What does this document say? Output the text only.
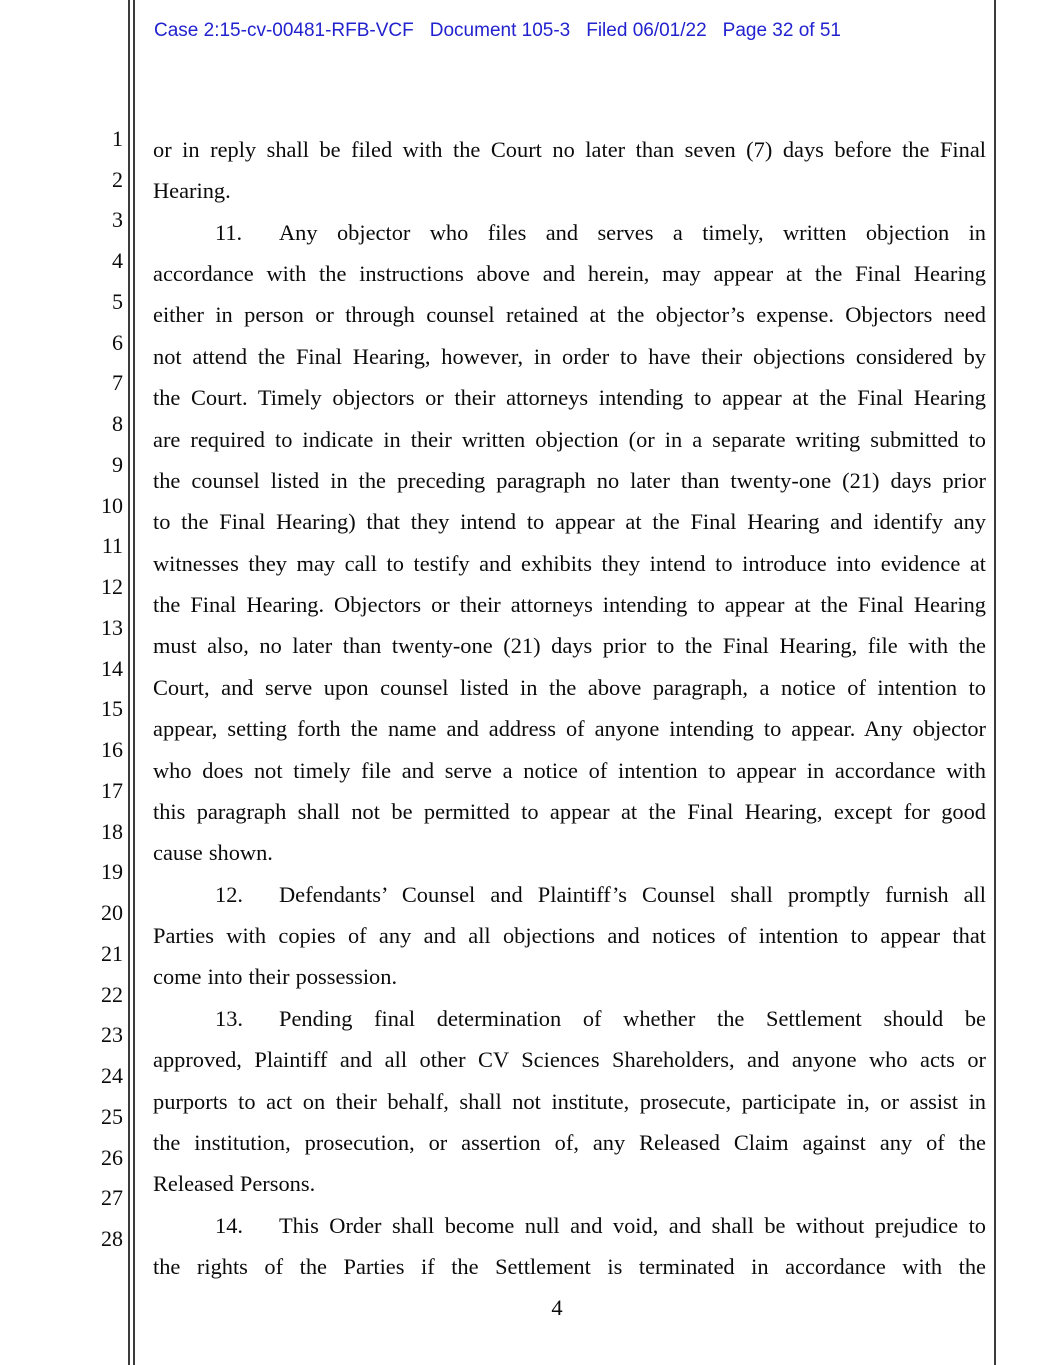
Case 2:15-cv-00481-RFB-VCF Document 105-3 Filed 06/01/22 Page 32 of 51
1
2
3
4
5
6
7
8
9
10
11
12
13
14
15
16
17
18
19
20
21
22
23
24
25
26
27
28
or in reply shall be filed with the Court no later than seven (7) days before the Final
Hearing.
11. Any objector who files and serves a timely, written objection in
accordance with the instructions above and herein, may appear at the Final Hearing
either in person or through counsel retained at the objector’s expense. Objectors need
not attend the Final Hearing, however, in order to have their objections considered by
the Court. Timely objectors or their attorneys intending to appear at the Final Hearing
are required to indicate in their written objection (or in a separate writing submitted to
the counsel listed in the preceding paragraph no later than twenty-one (21) days prior
to the Final Hearing) that they intend to appear at the Final Hearing and identify any
witnesses they may call to testify and exhibits they intend to introduce into evidence at
the Final Hearing. Objectors or their attorneys intending to appear at the Final Hearing
must also, no later than twenty-one (21) days prior to the Final Hearing, file with the
Court, and serve upon counsel listed in the above paragraph, a notice of intention to
appear, setting forth the name and address of anyone intending to appear. Any objector
who does not timely file and serve a notice of intention to appear in accordance with
this paragraph shall not be permitted to appear at the Final Hearing, except for good
cause shown.
12. Defendants’ Counsel and Plaintiff’s Counsel shall promptly furnish all
Parties with copies of any and all objections and notices of intention to appear that
come into their possession.
13. Pending final determination of whether the Settlement should be
approved, Plaintiff and all other CV Sciences Shareholders, and anyone who acts or
purports to act on their behalf, shall not institute, prosecute, participate in, or assist in
the institution, prosecution, or assertion of, any Released Claim against any of the
Released Persons.
14. This Order shall become null and void, and shall be without prejudice to
the rights of the Parties if the Settlement is terminated in accordance with the
4
